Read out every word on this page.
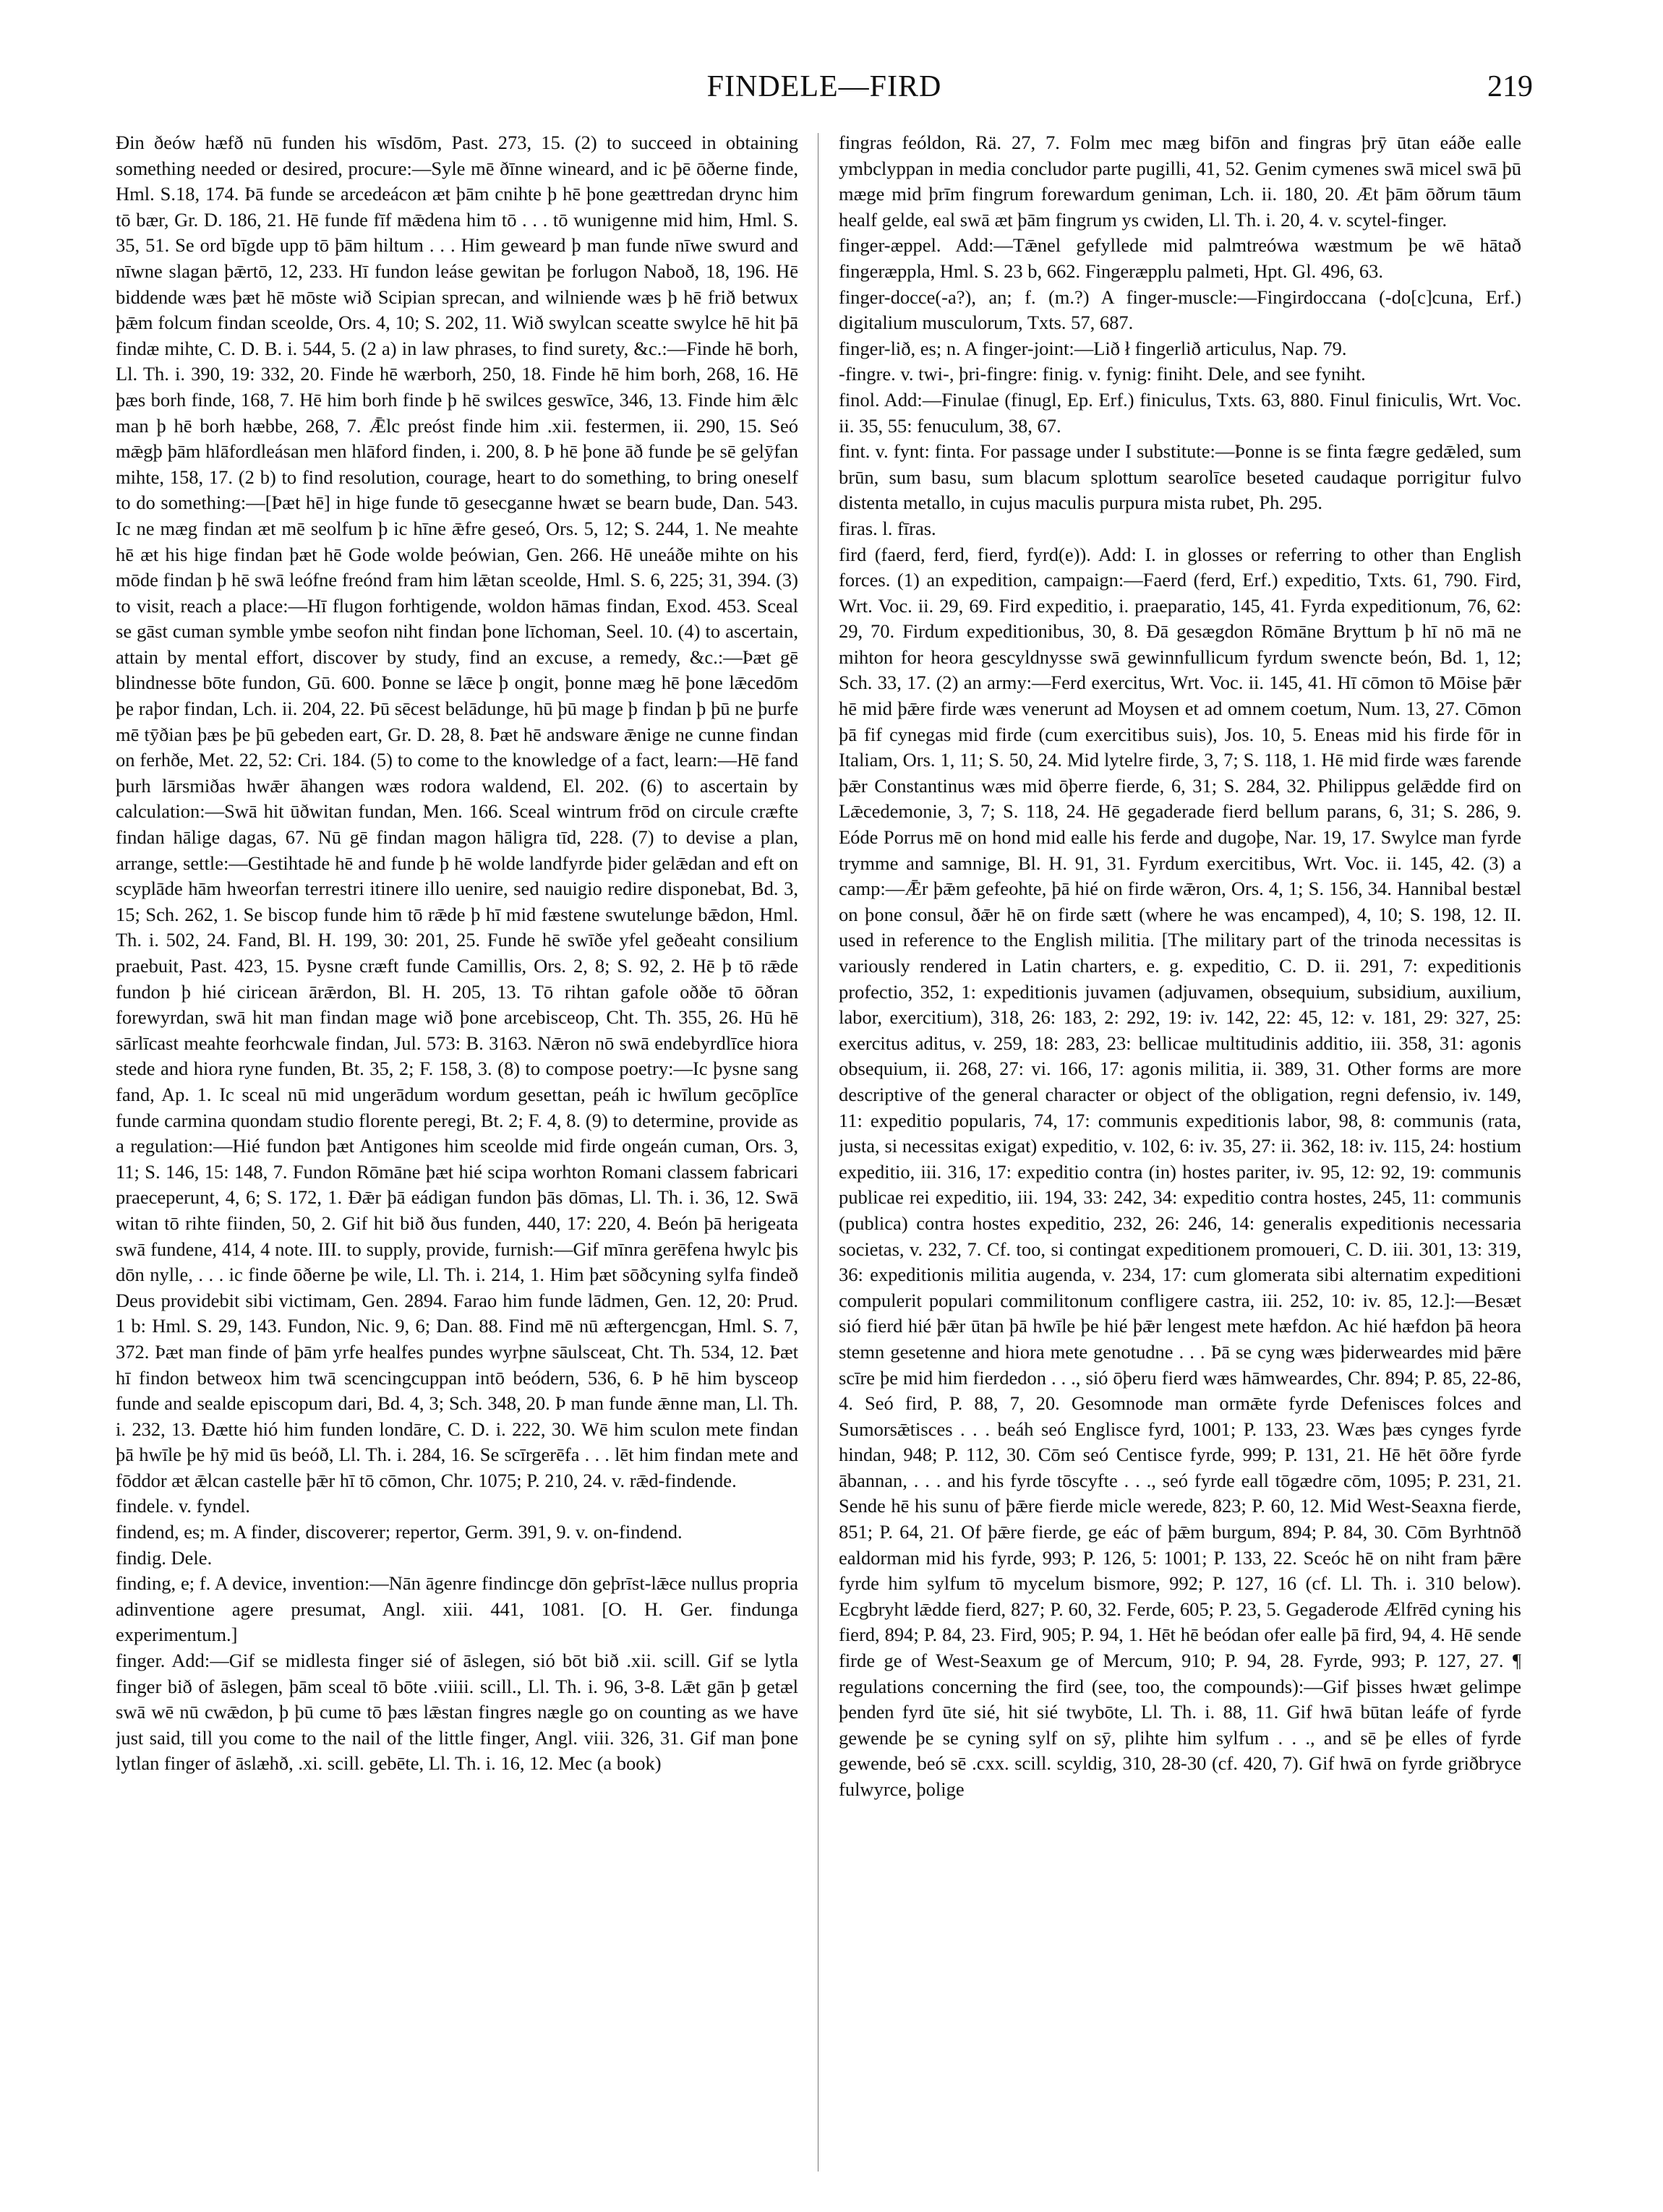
FINDELE—FIRD	219

Ðin ðeów hæfð nū funden his wīsdōm, Past. 273, 15. (2) to succeed in obtaining something needed or desired, procure:—Syle mē ðīnne wineard, and ic þē ōðerne finde, Hml. S.18, 174. Þā funde se arcedeácon æt þām cnihte þ hē þone geættredan drync him tō bær, Gr. D. 186, 21. Hē funde fīf mǣdena him tō . . . tō wunigenne mid him, Hml. S. 35, 51. Se ord bīgde upp tō þām hiltum . . . Him geweard þ man funde nīwe swurd and nīwne slagan þǣrtō, 12, 233. Hī fundon leáse gewitan þe forlugon Naboð, 18, 196. Hē biddende wæs þæt hē mōste wið Scipian sprecan, and wilniende wæs þ hē frið betwux þǣm folcum findan sceolde, Ors. 4, 10; S. 202, 11. Wið swylcan sceatte swylce hē hit þā findæ mihte, C. D. B. i. 544, 5. (2 a) in law phrases, to find surety, &c.:—Finde hē borh, Ll. Th. i. 390, 19: 332, 20. Finde hē wærborh, 250, 18. Finde hē him borh, 268, 16. Hē þæs borh finde, 168, 7. Hē him borh finde þ hē swilces geswīce, 346, 13. Finde him ǣlc man þ hē borh hæbbe, 268, 7. Ǣlc preóst finde him .xii. festermen, ii. 290, 15. Seó mǣgþ þām hlāfordleásan men hlāford finden, i. 200, 8. Þ hē þone āð funde þe sē gelȳfan mihte, 158, 17. (2 b) to find resolution, courage, heart to do something, to bring oneself to do something:—[Þæt hē] in hige funde tō gesecganne hwæt se bearn bude, Dan. 543. Ic ne mæg findan æt mē seolfum þ ic hīne ǣfre geseó, Ors. 5, 12; S. 244, 1. Ne meahte hē æt his hige findan þæt hē Gode wolde þeówian, Gen. 266. Hē uneáðe mihte on his mōde findan þ hē swā leófne freónd fram him lǣtan sceolde, Hml. S. 6, 225; 31, 394. (3) to visit, reach a place:—Hī flugon forhtigende, woldon hāmas findan, Exod. 453. Sceal se gāst cuman symble ymbe seofon niht findan þone līchoman, Seel. 10. (4) to ascertain, attain by mental effort, discover by study, find an excuse, a remedy, &c.:—Þæt gē blindnesse bōte fundon, Gū. 600. Þonne se lǣce þ ongit, þonne mæg hē þone lǣcedōm þe raþor findan, Lch. ii. 204, 22. Þū sēcest belādunge, hū þū mage þ findan þ þū ne þurfe mē tȳðian þæs þe þū gebeden eart, Gr. D. 28, 8. Þæt hē andsware ǣnige ne cunne findan on ferhðe, Met. 22, 52: Cri. 184. (5) to come to the knowledge of a fact, learn:—Hē fand þurh lārsmiðas hwǣr āhangen wæs rodora waldend, El. 202. (6) to ascertain by calculation:—Swā hit ūðwitan fundan, Men. 166. Sceal wintrum frōd on circule cræfte findan hālige dagas, 67. Nū gē findan magon hāligra tīd, 228. (7) to devise a plan, arrange, settle:—Gestihtade hē and funde þ hē wolde landfyrde þider gelǣdan and eft on scyplāde hām hweorfan terrestri itinere illo uenire, sed nauigio redire disponebat, Bd. 3, 15; Sch. 262, 1. Se biscop funde him tō rǣde þ hī mid fæstene swutelunge bǣdon, Hml. Th. i. 502, 24. Fand, Bl. H. 199, 30: 201, 25. Funde hē swīðe yfel geðeaht consilium praebuit, Past. 423, 15. Þysne cræft funde Camillis, Ors. 2, 8; S. 92, 2. Hē þ tō rǣde fundon þ hié ciricean ārǣrdon, Bl. H. 205, 13. Tō rihtan gafole oððe tō ōðran forewyrdan, swā hit man findan mage wið þone arcebisceop, Cht. Th. 355, 26. Hū hē sārlīcast meahte feorhcwale findan, Jul. 573: B. 3163. Nǣron nō swā endebyrdlīce hiora stede and hiora ryne funden, Bt. 35, 2; F. 158, 3. (8) to compose poetry:—Ic þysne sang fand, Ap. 1. Ic sceal nū mid ungerādum wordum gesettan, peáh ic hwīlum gecōplīce funde carmina quondam studio florente peregi, Bt. 2; F. 4, 8. (9) to determine, provide as a regulation:—Hié fundon þæt Antigones him sceolde mid firde ongeán cuman, Ors. 3, 11; S. 146, 15: 148, 7. Fundon Rōmāne þæt hié scipa worhton Romani classem fabricari praeceperunt, 4, 6; S. 172, 1. Ðǣr þā eádigan fundon þās dōmas, Ll. Th. i. 36, 12. Swā witan tō rihte fiinden, 50, 2. Gif hit bið ðus funden, 440, 17: 220, 4. Beón þā herigeata swā fundene, 414, 4 note. III. to supply, provide, furnish:—Gif mīnra gerēfena hwylc þis dōn nylle, . . . ic finde ōðerne þe wile, Ll. Th. i. 214, 1. Him þæt sōðcyning sylfa findeð Deus providebit sibi victimam, Gen. 2894. Farao him funde lādmen, Gen. 12, 20: Prud. 1 b: Hml. S. 29, 143. Fundon, Nic. 9, 6; Dan. 88. Find mē nū æftergencgan, Hml. S. 7, 372. Þæt man finde of þām yrfe healfes pundes wyrþne sāulsceat, Cht. Th. 534, 12. Þæt hī findon betweox him twā scencingcuppan intō beódern, 536, 6. Þ hē him bysceop funde and sealde episcopum dari, Bd. 4, 3; Sch. 348, 20. Þ man funde ǣnne man, Ll. Th. i. 232, 13. Ðætte hió him funden londāre, C. D. i. 222, 30. Wē him sculon mete findan þā hwīle þe hȳ mid ūs beóð, Ll. Th. i. 284, 16. Se scīrgerēfa . . . lēt him findan mete and fōddor æt ǣlcan castelle þǣr hī tō cōmon, Chr. 1075; P. 210, 24. v. rǣd-findende.

findele. v. fyndel.

findend, es; m. A finder, discoverer; repertor, Germ. 391, 9. v. on-findend.

findig. Dele.

finding, e; f. A device, invention:—Nān āgenre findincge dōn geþrīst-lǣce nullus propria adinventione agere presumat, Angl. xiii. 441, 1081. [O. H. Ger. findunga experimentum.]

finger. Add:—Gif se midlesta finger sié of āslegen, sió bōt bið .xii. scill. Gif se lytla finger bið of āslegen, þām sceal tō bōte .viiii. scill., Ll. Th. i. 96, 3-8. Lǣt gān þ getæl swā wē nū cwǣdon, þ þū cume tō þæs lǣstan fingres nægle go on counting as we have just said, till you come to the nail of the little finger, Angl. viii. 326, 31. Gif man þone lytlan finger of āslæhð, .xi. scill. gebēte, Ll. Th. i. 16, 12. Mec (a book)

fingras feóldon, Rä. 27, 7. Folm mec mæg bifōn and fingras þrȳ ūtan eáðe ealle ymbclyppan in media concludor parte pugilli, 41, 52. Genim cymenes swā micel swā þū mæge mid þrīm fingrum forewardum geniman, Lch. ii. 180, 20. Æt þām ōðrum tāum healf gelde, eal swā æt þām fingrum ys cwiden, Ll. Th. i. 20, 4. v. scytel-finger.

finger-æppel. Add:—Tǣnel gefyllede mid palmtreówa wæstmum þe wē hātað fingeræppla, Hml. S. 23 b, 662. Fingeræpplu palmeti, Hpt. Gl. 496, 63.

finger-docce(-a?), an; f. (m.?) A finger-muscle:—Fingirdoccana (-do[c]cuna, Erf.) digitalium musculorum, Txts. 57, 687.

finger-lið, es; n. A finger-joint:—Lið ł fingerlið articulus, Nap. 79.

-fingre. v. twi-, þri-fingre: finig. v. fynig: finiht. Dele, and see fyniht.

finol. Add:—Finulae (finugl, Ep. Erf.) finiculus, Txts. 63, 880. Finul finiculis, Wrt. Voc. ii. 35, 55: fenuculum, 38, 67.

fint. v. fynt: finta. For passage under I substitute:—Þonne is se finta fægre gedǣled, sum brūn, sum basu, sum blacum splottum searolīce beseted caudaque porrigitur fulvo distenta metallo, in cujus maculis purpura mista rubet, Ph. 295.

firas. l. fīras.

fird (faerd, ferd, fierd, fyrd(e)). Add: I. in glosses or referring to other than English forces. (1) an expedition, campaign:—Faerd (ferd, Erf.) expeditio, Txts. 61, 790. Fird, Wrt. Voc. ii. 29, 69. Fird expeditio, i. praeparatio, 145, 41. Fyrda expeditionum, 76, 62: 29, 70. Firdum expeditionibus, 30, 8. Ðā gesægdon Rōmāne Bryttum þ hī nō mā ne mihton for heora gescyldnysse swā gewinnfullicum fyrdum swencte beón, Bd. 1, 12; Sch. 33, 17. (2) an army:—Ferd exercitus, Wrt. Voc. ii. 145, 41. Hī cōmon tō Mōise þǣr hē mid þǣre firde wæs venerunt ad Moysen et ad omnem coetum, Num. 13, 27. Cōmon þā fif cynegas mid firde (cum exercitibus suis), Jos. 10, 5. Eneas mid his firde fōr in Italiam, Ors. 1, 11; S. 50, 24. Mid lytelre firde, 3, 7; S. 118, 1. Hē mid firde wæs farende þǣr Constantinus wæs mid ōþerre fierde, 6, 31; S. 284, 32. Philippus gelǣdde fird on Lǣcedemonie, 3, 7; S. 118, 24. Hē gegaderade fierd bellum parans, 6, 31; S. 286, 9. Eóde Porrus mē on hond mid ealle his ferde and dugoþe, Nar. 19, 17. Swylce man fyrde trymme and samnige, Bl. H. 91, 31. Fyrdum exercitibus, Wrt. Voc. ii. 145, 42. (3) a camp:—Ǣr þǣm gefeohte, þā hié on firde wǣron, Ors. 4, 1; S. 156, 34. Hannibal bestæl on þone consul, ðǣr hē on firde sætt (where he was encamped), 4, 10; S. 198, 12. II. used in reference to the English militia. [The military part of the trinoda necessitas is variously rendered in Latin charters, e. g. expeditio, C. D. ii. 291, 7: expeditionis profectio, 352, 1: expeditionis juvamen (adjuvamen, obsequium, subsidium, auxilium, labor, exercitium), 318, 26: 183, 2: 292, 19: iv. 142, 22: 45, 12: v. 181, 29: 327, 25: exercitus aditus, v. 259, 18: 283, 23: bellicae multitudinis additio, iii. 358, 31: agonis obsequium, ii. 268, 27: vi. 166, 17: agonis militia, ii. 389, 31. Other forms are more descriptive of the general character or object of the obligation, regni defensio, iv. 149, 11: expeditio popularis, 74, 17: communis expeditionis labor, 98, 8: communis (rata, justa, si necessitas exigat) expeditio, v. 102, 6: iv. 35, 27: ii. 362, 18: iv. 115, 24: hostium expeditio, iii. 316, 17: expeditio contra (in) hostes pariter, iv. 95, 12: 92, 19: communis publicae rei expeditio, iii. 194, 33: 242, 34: expeditio contra hostes, 245, 11: communis (publica) contra hostes expeditio, 232, 26: 246, 14: generalis expeditionis necessaria societas, v. 232, 7. Cf. too, si contingat expeditionem promoueri, C. D. iii. 301, 13: 319, 36: expeditionis militia augenda, v. 234, 17: cum glomerata sibi alternatim expeditioni compulerit populari commilitonum confligere castra, iii. 252, 10: iv. 85, 12.]:—Besæt sió fierd hié þǣr ūtan þā hwīle þe hié þǣr lengest mete hæfdon. Ac hié hæfdon þā heora stemn gesetenne and hiora mete genotudne . . . Þā se cyng wæs þiderweardes mid þǣre scīre þe mid him fierdedon . . ., sió ōþeru fierd wæs hāmweardes, Chr. 894; P. 85, 22-86, 4. Seó fird, P. 88, 7, 20. Gesomnode man ormǣte fyrde Defenisces folces and Sumorsǣtisces . . . beáh seó Englisce fyrd, 1001; P. 133, 23. Wæs þæs cynges fyrde hindan, 948; P. 112, 30. Cōm seó Centisce fyrde, 999; P. 131, 21. Hē hēt ōðre fyrde ābannan, . . . and his fyrde tōscyfte . . ., seó fyrde eall tōgædre cōm, 1095; P. 231, 21. Sende hē his sunu of þǣre fierde micle werede, 823; P. 60, 12. Mid West-Seaxna fierde, 851; P. 64, 21. Of þǣre fierde, ge eác of þǣm burgum, 894; P. 84, 30. Cōm Byrhtnōð ealdorman mid his fyrde, 993; P. 126, 5: 1001; P. 133, 22. Sceóc hē on niht fram þǣre fyrde him sylfum tō mycelum bismore, 992; P. 127, 16 (cf. Ll. Th. i. 310 below). Ecgbryht lǣdde fierd, 827; P. 60, 32. Ferde, 605; P. 23, 5. Gegaderode Ælfrēd cyning his fierd, 894; P. 84, 23. Fird, 905; P. 94, 1. Hēt hē beódan ofer ealle þā fird, 94, 4. Hē sende firde ge of West-Seaxum ge of Mercum, 910; P. 94, 28. Fyrde, 993; P. 127, 27. ¶ regulations concerning the fird (see, too, the compounds):—Gif þisses hwæt gelimpe þenden fyrd ūte sié, hit sié twybōte, Ll. Th. i. 88, 11. Gif hwā būtan leáfe of fyrde gewende þe se cyning sylf on sȳ, plihte him sylfum . . ., and sē þe elles of fyrde gewende, beó sē .cxx. scill. scyldig, 310, 28-30 (cf. 420, 7). Gif hwā on fyrde griðbryce fulwyrce, þolige
